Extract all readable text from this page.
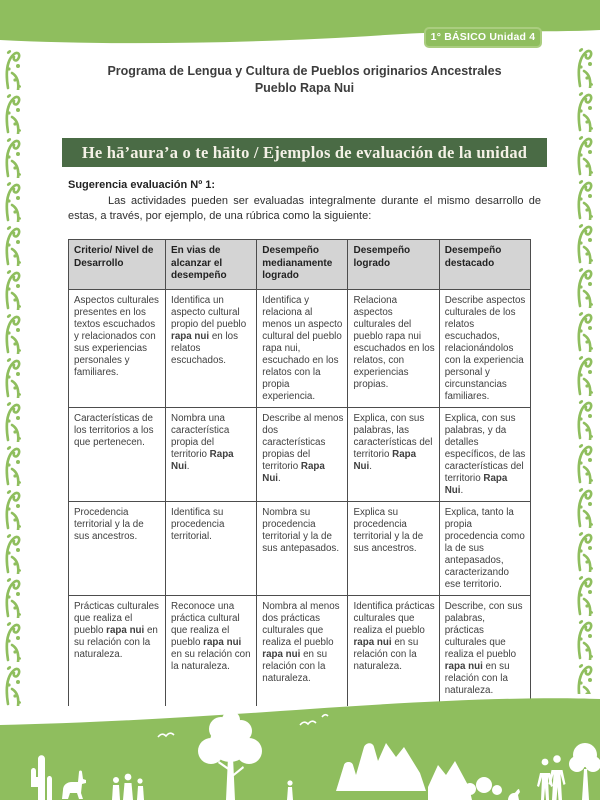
1° BÁSICO Unidad 4
Programa de Lengua y Cultura de Pueblos originarios Ancestrales
Pueblo Rapa Nui
He hā’aura’a o te hāito / Ejemplos de evaluación de la unidad
Sugerencia evaluación Nº 1:

Las actividades pueden ser evaluadas integralmente durante el mismo desarrollo de estas, a través, por ejemplo, de una rúbrica como la siguiente:

Criterio/ Nivel de Desarrollo	En vias de alcanzar el desempeño	Desempeño medianamente logrado	Desempeño logrado	Desempeño destacado
Aspectos culturales presentes en los textos escuchados y relacionados con sus experiencias personales y familiares.	Identifica un aspecto cultural propio del pueblo rapa nui en los relatos escuchados.	Identifica y relaciona al menos un aspecto cultural del pueblo rapa nui, escuchado en los relatos con la propia experiencia.	Relaciona aspectos culturales del pueblo rapa nui escuchados en los relatos, con experiencias propias.	Describe aspectos culturales de los relatos escuchados, relacionándolos con la experiencia personal y circunstancias familiares.
Características de los territorios a los que pertenecen.	Nombra una característica propia del territorio Rapa Nui.	Describe al menos dos características propias del territorio Rapa Nui.	Explica, con sus palabras, las características del territorio Rapa Nui.	Explica, con sus palabras, y da detalles específicos, de las características del territorio Rapa Nui.
Procedencia territorial y la de sus ancestros.	Identifica su procedencia territorial.	Nombra su procedencia territorial y la de sus antepasados.	Explica su procedencia territorial y la de sus ancestros.	Explica, tanto la propia procedencia como la de sus antepasados, caracterizando ese territorio.
Prácticas culturales que realiza el pueblo rapa nui en su relación con la naturaleza.	Reconoce una práctica cultural que realiza el pueblo rapa nui en su relación con la naturaleza.	Nombra al menos dos prácticas culturales que realiza el pueblo rapa nui en su relación con la naturaleza.	Identifica prácticas culturales que realiza el pueblo rapa nui en su relación con la naturaleza.	Describe, con sus palabras, prácticas culturales que realiza el pueblo rapa nui en su relación con la naturaleza.
